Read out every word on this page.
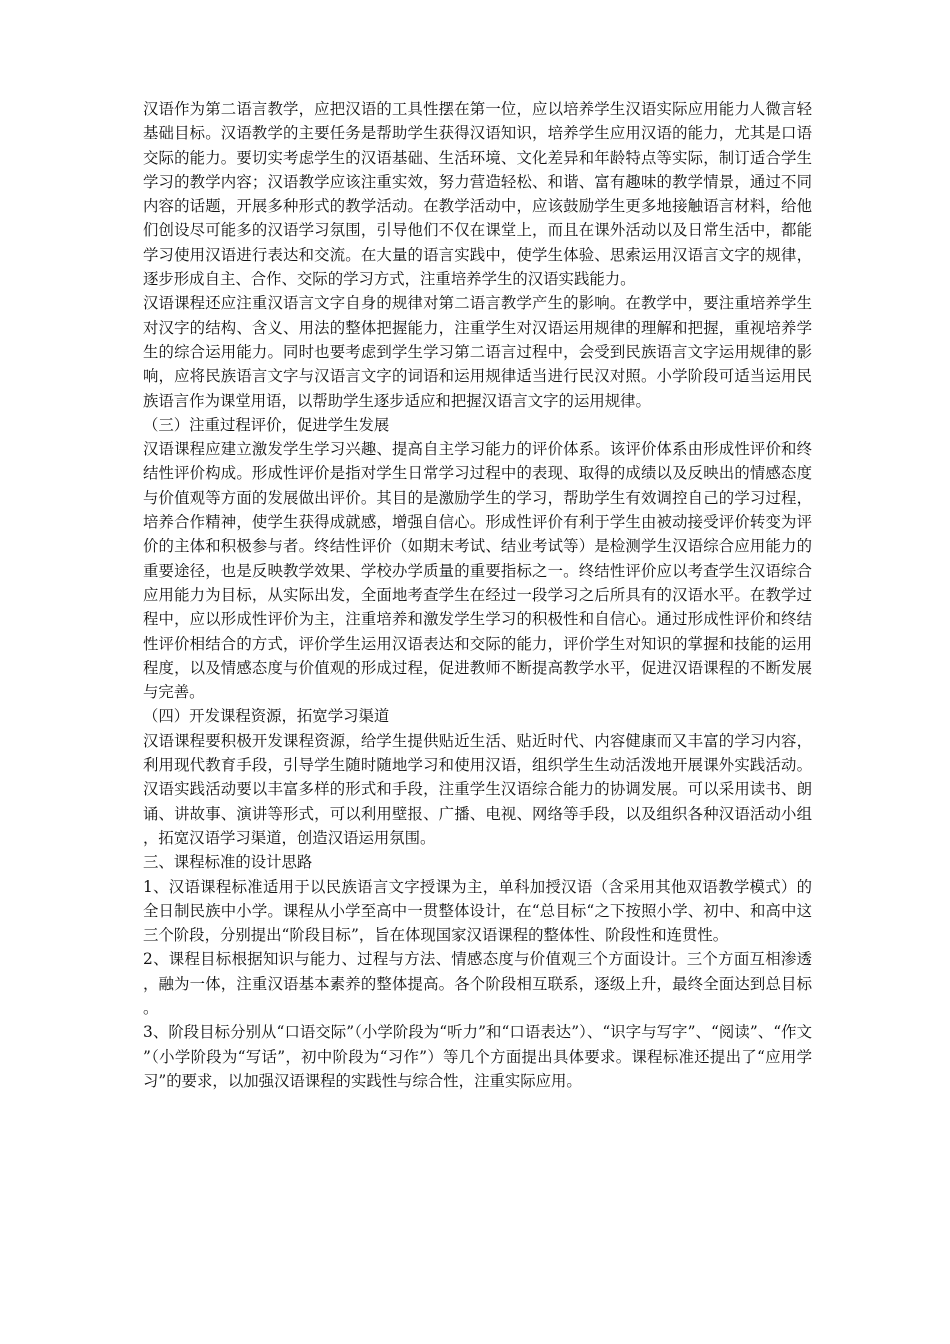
汉语作为第二语言教学，应把汉语的工具性摆在第一位，应以培养学生汉语实际应用能力人微言轻基础目标。汉语教学的主要任务是帮助学生获得汉语知识，培养学生应用汉语的能力，尤其是口语交际的能力。要切实考虑学生的汉语基础、生活环境、文化差异和年龄特点等实际，制订适合学生学习的教学内容；汉语教学应该注重实效，努力营造轻松、和谐、富有趣味的教学情景，通过不同内容的话题，开展多种形式的教学活动。在教学活动中，应该鼓励学生更多地接触语言材料，给他们创设尽可能多的汉语学习氛围，引导他们不仅在课堂上，而且在课外活动以及日常生活中，都能学习使用汉语进行表达和交流。在大量的语言实践中，使学生体验、思索运用汉语言文字的规律，逐步形成自主、合作、交际的学习方式，注重培养学生的汉语实践能力。

汉语课程还应注重汉语言文字自身的规律对第二语言教学产生的影响。在教学中，要注重培养学生对汉字的结构、含义、用法的整体把握能力，注重学生对汉语运用规律的理解和把握，重视培养学生的综合运用能力。同时也要考虑到学生学习第二语言过程中，会受到民族语言文字运用规律的影响，应将民族语言文字与汉语言文字的词语和运用规律适当进行民汉对照。小学阶段可适当运用民族语言作为课堂用语，以帮助学生逐步适应和把握汉语言文字的运用规律。

（三）注重过程评价，促进学生发展

汉语课程应建立激发学生学习兴趣、提高自主学习能力的评价体系。该评价体系由形成性评价和终结性评价构成。形成性评价是指对学生日常学习过程中的表现、取得的成绩以及反映出的情感态度与价值观等方面的发展做出评价。其目的是激励学生的学习，帮助学生有效调控自己的学习过程，培养合作精神，使学生获得成就感，增强自信心。形成性评价有利于学生由被动接受评价转变为评价的主体和积极参与者。终结性评价（如期末考试、结业考试等）是检测学生汉语综合应用能力的重要途径，也是反映教学效果、学校办学质量的重要指标之一。终结性评价应以考查学生汉语综合应用能力为目标，从实际出发，全面地考查学生在经过一段学习之后所具有的汉语水平。在教学过程中，应以形成性评价为主，注重培养和激发学生学习的积极性和自信心。通过形成性评价和终结性评价相结合的方式，评价学生运用汉语表达和交际的能力，评价学生对知识的掌握和技能的运用程度，以及情感态度与价值观的形成过程，促进教师不断提高教学水平，促进汉语课程的不断发展与完善。

（四）开发课程资源，拓宽学习渠道

汉语课程要积极开发课程资源，给学生提供贴近生活、贴近时代、内容健康而又丰富的学习内容，利用现代教育手段，引导学生随时随地学习和使用汉语，组织学生生动活泼地开展课外实践活动。汉语实践活动要以丰富多样的形式和手段，注重学生汉语综合能力的协调发展。可以采用读书、朗诵、讲故事、演讲等形式，可以利用壁报、广播、电视、网络等手段，以及组织各种汉语活动小组，拓宽汉语学习渠道，创造汉语运用氛围。

三、课程标准的设计思路

1、汉语课程标准适用于以民族语言文字授课为主，单科加授汉语（含采用其他双语教学模式）的全日制民族中小学。课程从小学至高中一贯整体设计，在“总目标“之下按照小学、初中、和高中这三个阶段，分别提出“阶段目标”，旨在体现国家汉语课程的整体性、阶段性和连贯性。

2、课程目标根据知识与能力、过程与方法、情感态度与价值观三个方面设计。三个方面互相渗透，融为一体，注重汉语基本素养的整体提高。各个阶段相互联系，逐级上升，最终全面达到总目标。

3、阶段目标分别从“口语交际”（小学阶段为“听力”和“口语表达”）、“识字与写字”、“阅读”、“作文”（小学阶段为“写话”，初中阶段为“习作”）等几个方面提出具体要求。课程标准还提出了“应用学习”的要求，以加强汉语课程的实践性与综合性，注重实际应用。
